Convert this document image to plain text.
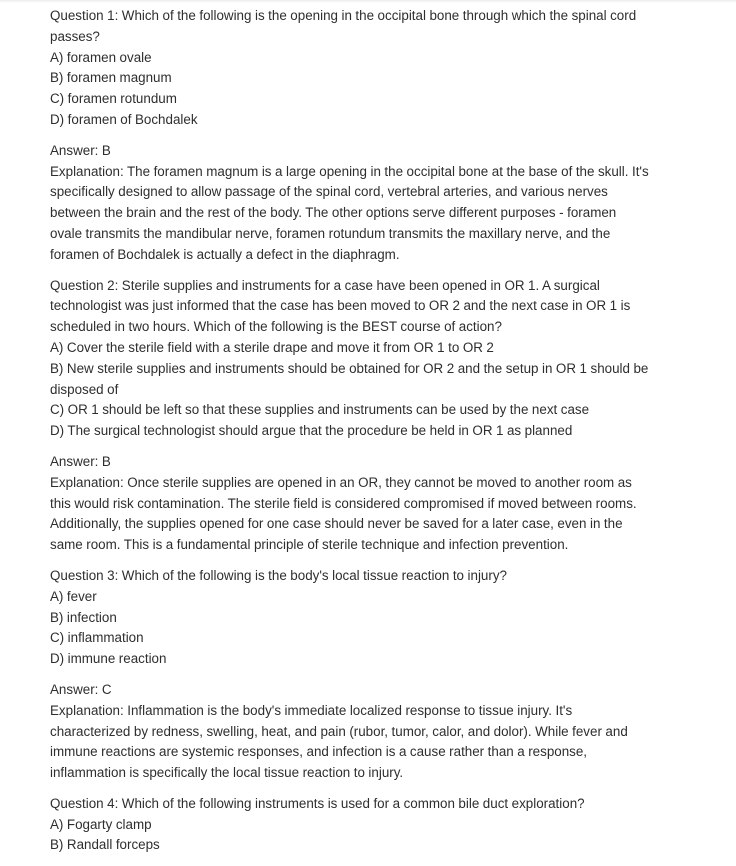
Question 1: Which of the following is the opening in the occipital bone through which the spinal cord passes?
A) foramen ovale
B) foramen magnum
C) foramen rotundum
D) foramen of Bochdalek
Answer: B
Explanation: The foramen magnum is a large opening in the occipital bone at the base of the skull. It's specifically designed to allow passage of the spinal cord, vertebral arteries, and various nerves between the brain and the rest of the body. The other options serve different purposes - foramen ovale transmits the mandibular nerve, foramen rotundum transmits the maxillary nerve, and the foramen of Bochdalek is actually a defect in the diaphragm.
Question 2: Sterile supplies and instruments for a case have been opened in OR 1. A surgical technologist was just informed that the case has been moved to OR 2 and the next case in OR 1 is scheduled in two hours. Which of the following is the BEST course of action?
A) Cover the sterile field with a sterile drape and move it from OR 1 to OR 2
B) New sterile supplies and instruments should be obtained for OR 2 and the setup in OR 1 should be disposed of
C) OR 1 should be left so that these supplies and instruments can be used by the next case
D) The surgical technologist should argue that the procedure be held in OR 1 as planned
Answer: B
Explanation: Once sterile supplies are opened in an OR, they cannot be moved to another room as this would risk contamination. The sterile field is considered compromised if moved between rooms. Additionally, the supplies opened for one case should never be saved for a later case, even in the same room. This is a fundamental principle of sterile technique and infection prevention.
Question 3: Which of the following is the body's local tissue reaction to injury?
A) fever
B) infection
C) inflammation
D) immune reaction
Answer: C
Explanation: Inflammation is the body's immediate localized response to tissue injury. It's characterized by redness, swelling, heat, and pain (rubor, tumor, calor, and dolor). While fever and immune reactions are systemic responses, and infection is a cause rather than a response, inflammation is specifically the local tissue reaction to injury.
Question 4: Which of the following instruments is used for a common bile duct exploration?
A) Fogarty clamp
B) Randall forceps
